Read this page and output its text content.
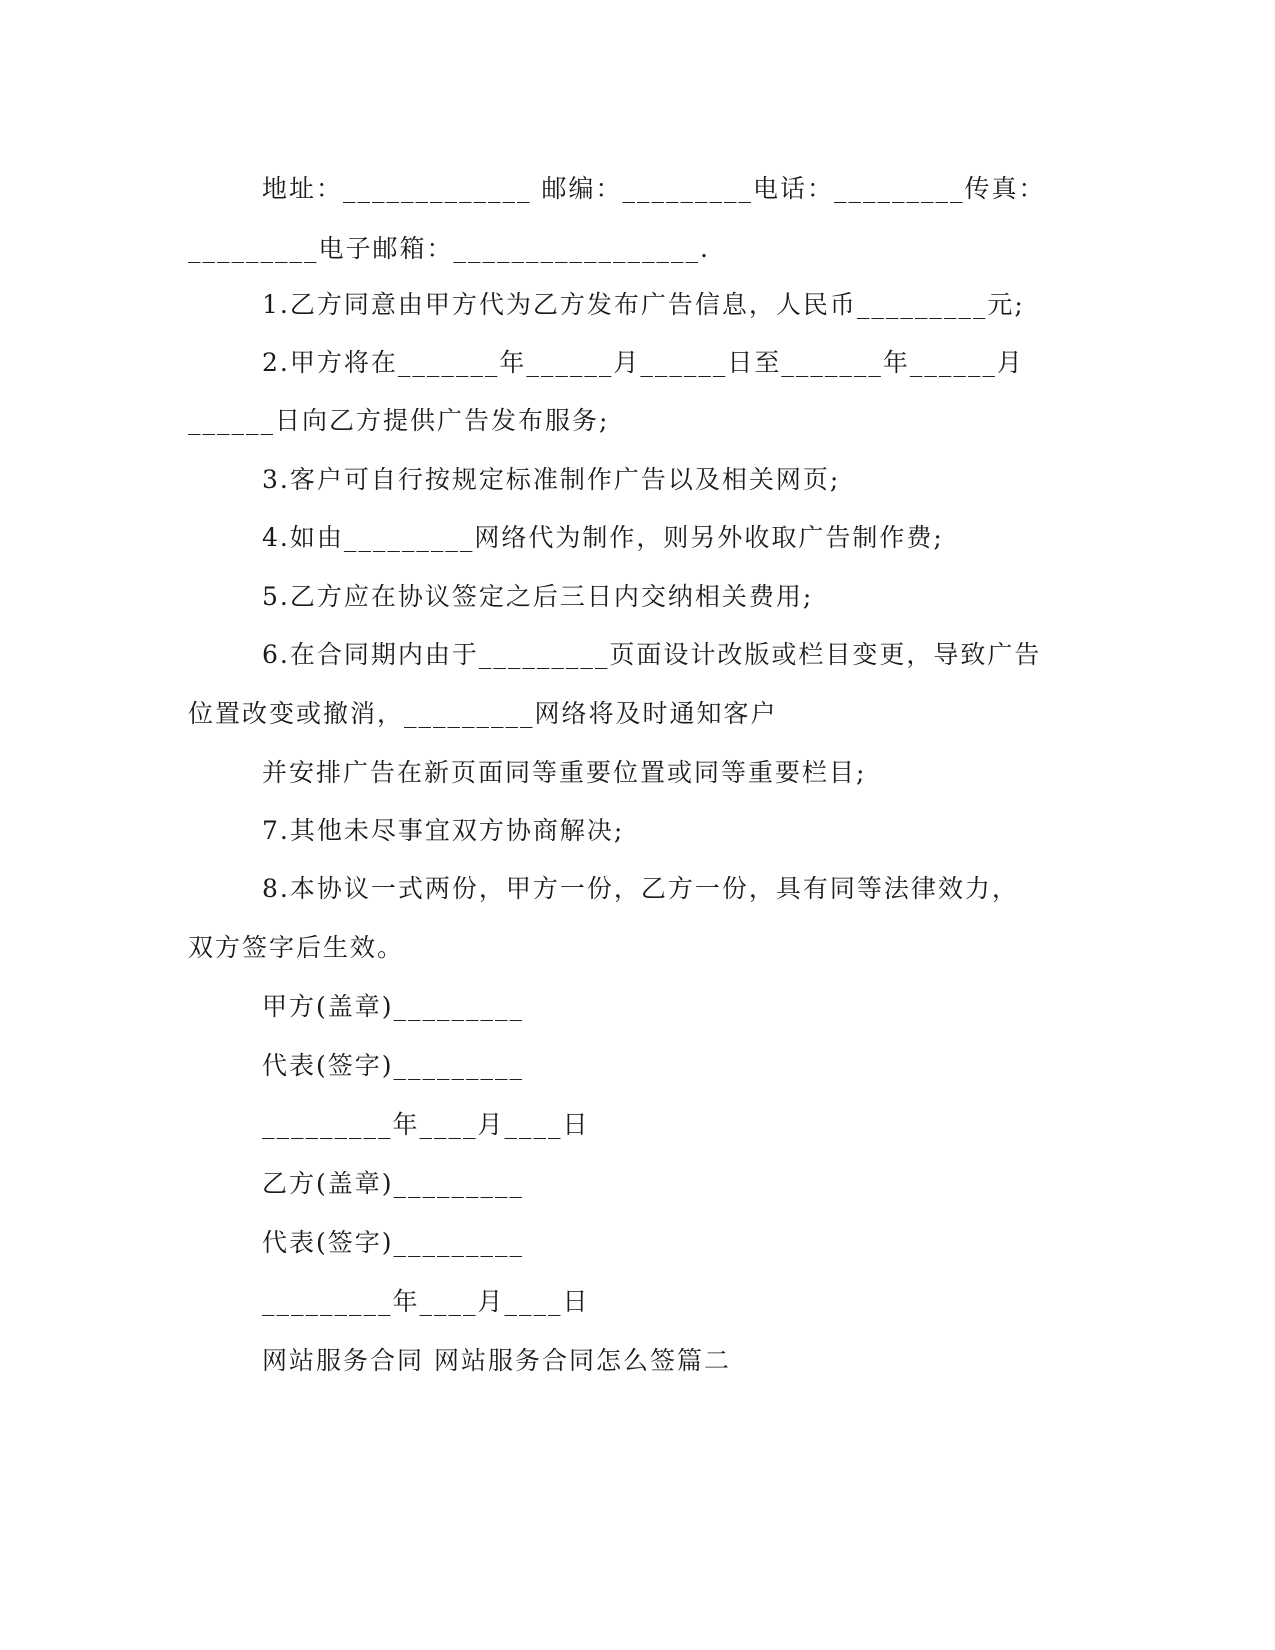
地址：_____________ 邮编：_________电话：_________传真：
_________电子邮箱：_________________.
1.乙方同意由甲方代为乙方发布广告信息，人民币_________元;
2.甲方将在_______年______月______日至_______年______月
______日向乙方提供广告发布服务;
3.客户可自行按规定标准制作广告以及相关网页;
4.如由_________网络代为制作，则另外收取广告制作费;
5.乙方应在协议签定之后三日内交纳相关费用;
6.在合同期内由于_________页面设计改版或栏目变更，导致广告
位置改变或撤消，_________网络将及时通知客户
并安排广告在新页面同等重要位置或同等重要栏目;
7.其他未尽事宜双方协商解决;
8.本协议一式两份，甲方一份，乙方一份，具有同等法律效力，
双方签字后生效。
甲方(盖章)_________
代表(签字)_________
_________年____月____日
乙方(盖章)_________
代表(签字)_________
_________年____月____日
网站服务合同 网站服务合同怎么签篇二
